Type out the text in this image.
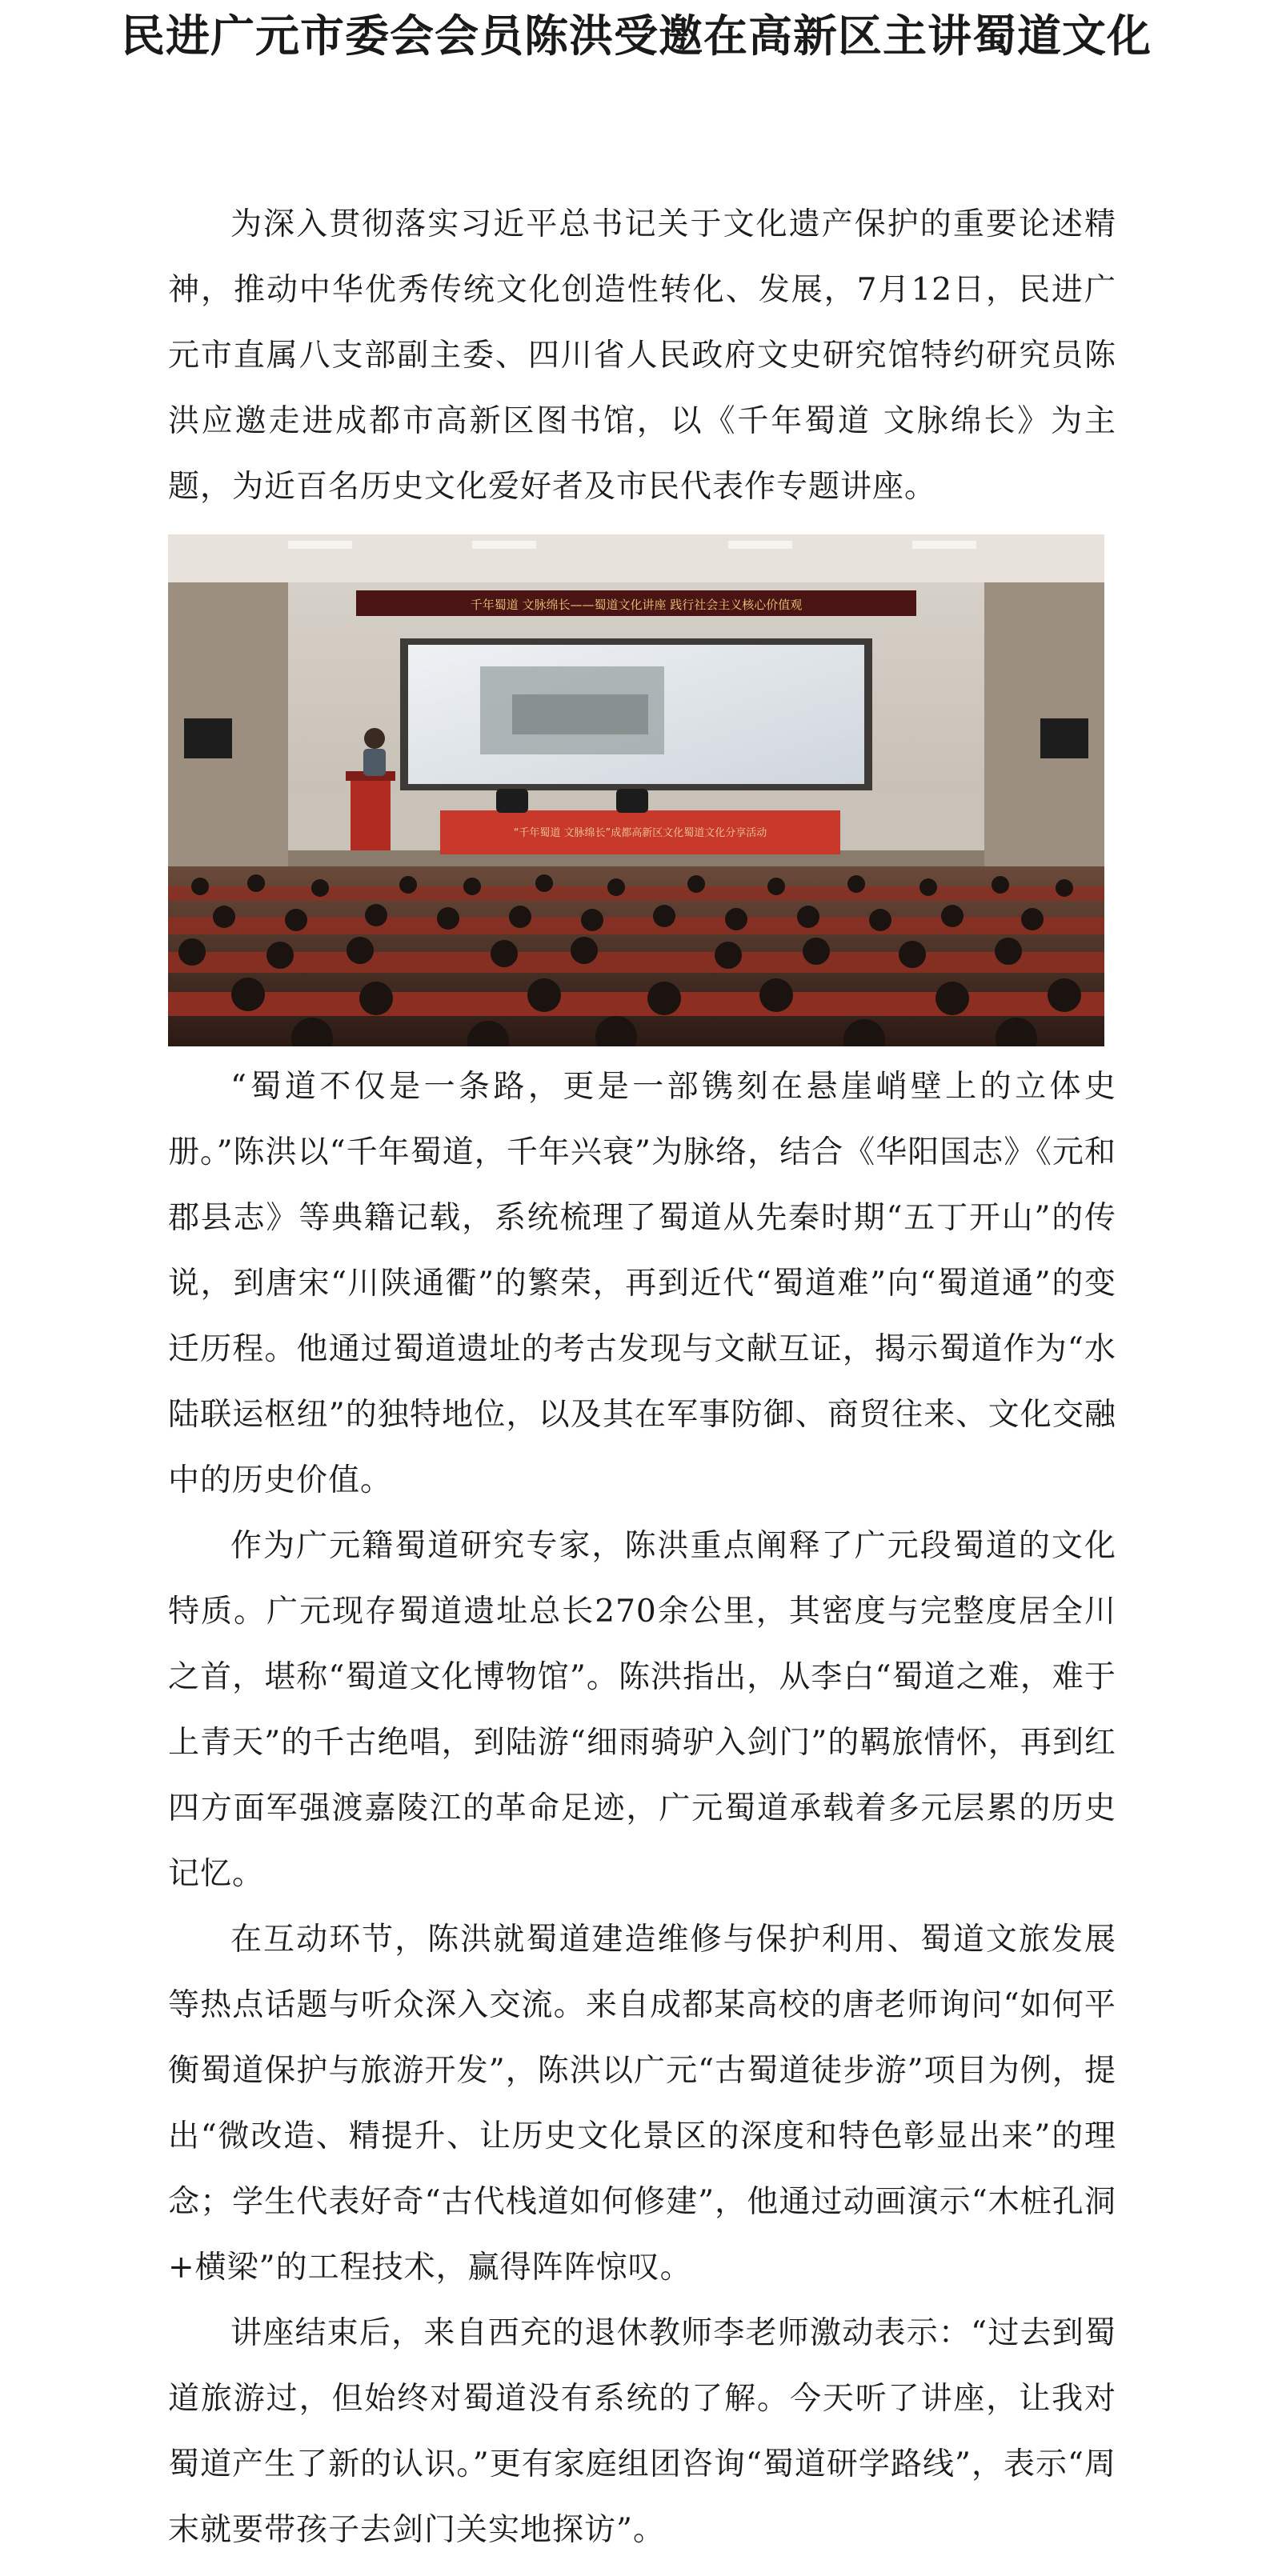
民进广元市委会会员陈洪受邀在高新区主讲蜀道文化

为深入贯彻落实习近平总书记关于文化遗产保护的重要论述精神，推动中华优秀传统文化创造性转化、发展，7月12日，民进广元市直属八支部副主委、四川省人民政府文史研究馆特约研究员陈洪应邀走进成都市高新区图书馆，以《千年蜀道 文脉绵长》为主题，为近百名历史文化爱好者及市民代表作专题讲座。

千年蜀道 文脉绵长——蜀道文化讲座 践行社会主义核心价值观
“千年蜀道 文脉绵长”成都高新区文化蜀道文化分享活动

“蜀道不仅是一条路，更是一部镌刻在悬崖峭壁上的立体史册。”陈洪以“千年蜀道，千年兴衰”为脉络，结合《华阳国志》《元和郡县志》等典籍记载，系统梳理了蜀道从先秦时期“五丁开山”的传说，到唐宋“川陕通衢”的繁荣，再到近代“蜀道难”向“蜀道通”的变迁历程。他通过蜀道遗址的考古发现与文献互证，揭示蜀道作为“水陆联运枢纽”的独特地位，以及其在军事防御、商贸往来、文化交融中的历史价值。

作为广元籍蜀道研究专家，陈洪重点阐释了广元段蜀道的文化特质。广元现存蜀道遗址总长270余公里，其密度与完整度居全川之首，堪称“蜀道文化博物馆”。陈洪指出，从李白“蜀道之难，难于上青天”的千古绝唱，到陆游“细雨骑驴入剑门”的羁旅情怀，再到红四方面军强渡嘉陵江的革命足迹，广元蜀道承载着多元层累的历史记忆。

在互动环节，陈洪就蜀道建造维修与保护利用、蜀道文旅发展等热点话题与听众深入交流。来自成都某高校的唐老师询问“如何平衡蜀道保护与旅游开发”，陈洪以广元“古蜀道徒步游”项目为例，提出“微改造、精提升、让历史文化景区的深度和特色彰显出来”的理念；学生代表好奇“古代栈道如何修建”，他通过动画演示“木桩孔洞+横梁”的工程技术，赢得阵阵惊叹。

讲座结束后，来自西充的退休教师李老师激动表示：“过去到蜀道旅游过，但始终对蜀道没有系统的了解。今天听了讲座，让我对蜀道产生了新的认识。”更有家庭组团咨询“蜀道研学路线”，表示“周末就要带孩子去剑门关实地探访”。
